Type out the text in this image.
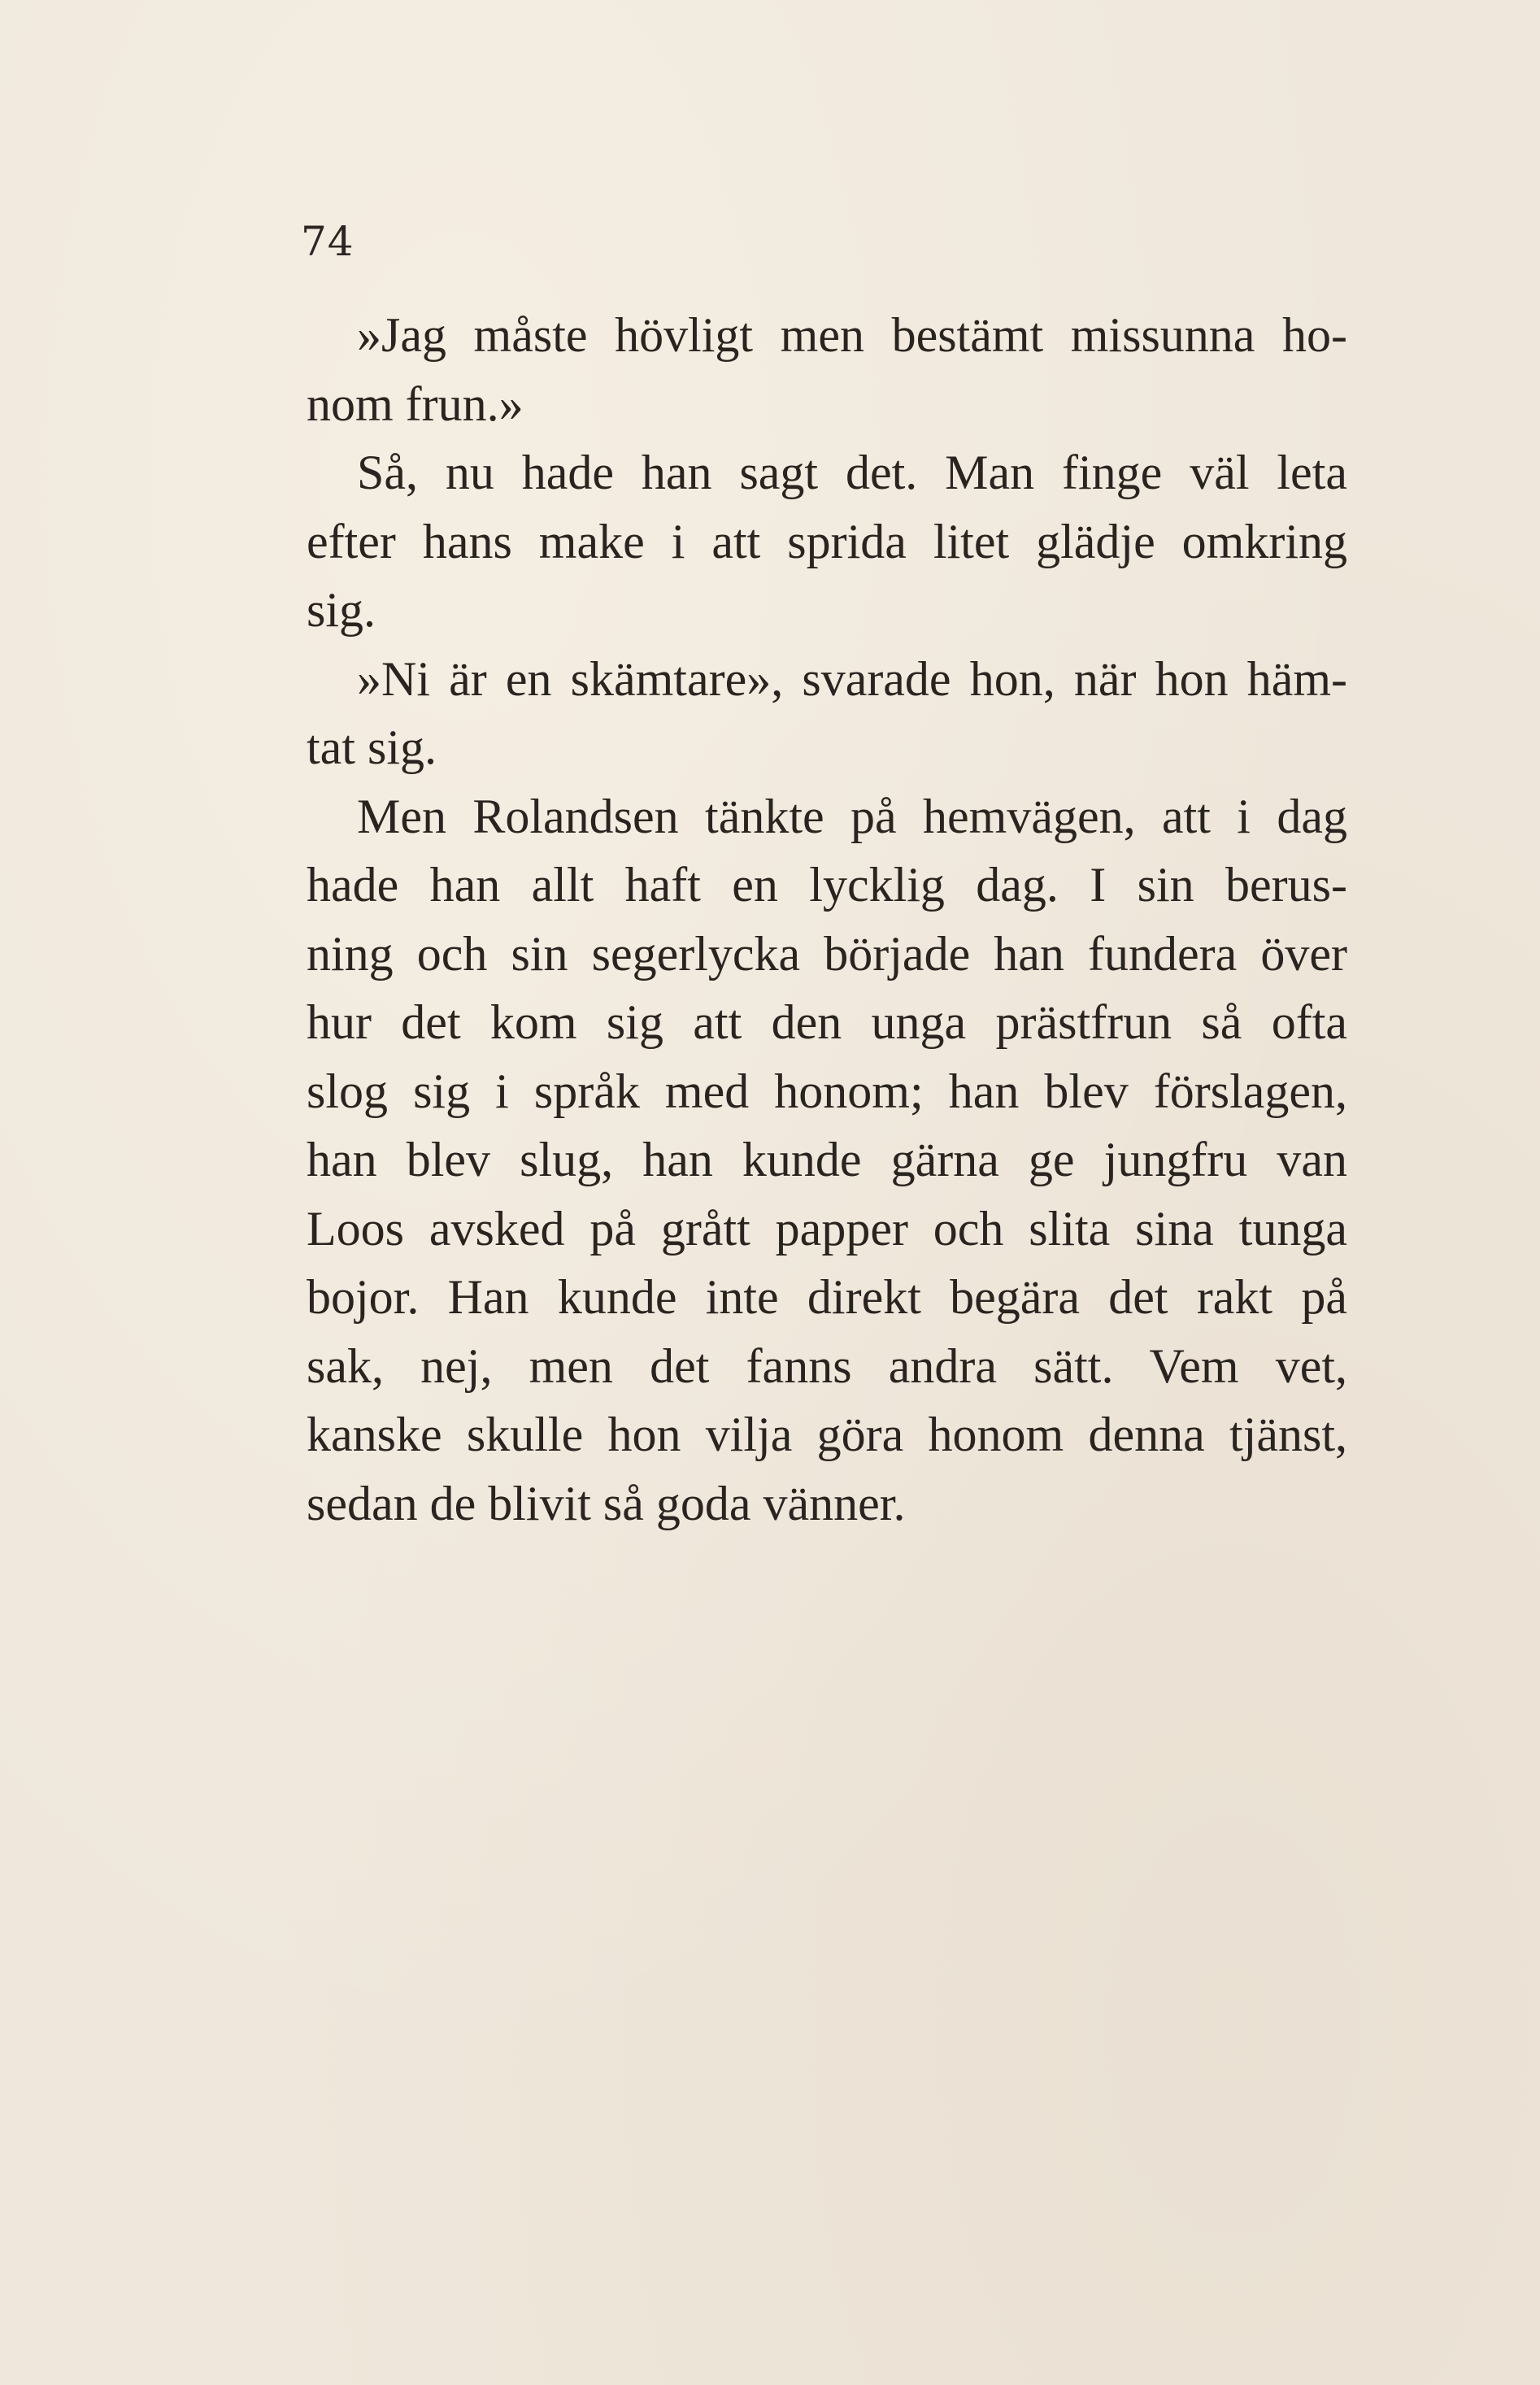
74
»Jag måste hövligt men bestämt missunna ho-
nom frun.»
Så, nu hade han sagt det. Man finge väl leta
efter hans make i att sprida litet glädje omkring
sig.
»Ni är en skämtare», svarade hon, när hon häm-
tat sig.
Men Rolandsen tänkte på hemvägen, att i dag
hade han allt haft en lycklig dag. I sin berus-
ning och sin segerlycka började han fundera över
hur det kom sig att den unga prästfrun så ofta
slog sig i språk med honom; han blev förslagen,
han blev slug, han kunde gärna ge jungfru van
Loos avsked på grått papper och slita sina tunga
bojor. Han kunde inte direkt begära det rakt på
sak, nej, men det fanns andra sätt. Vem vet,
kanske skulle hon vilja göra honom denna tjänst,
sedan de blivit så goda vänner.
